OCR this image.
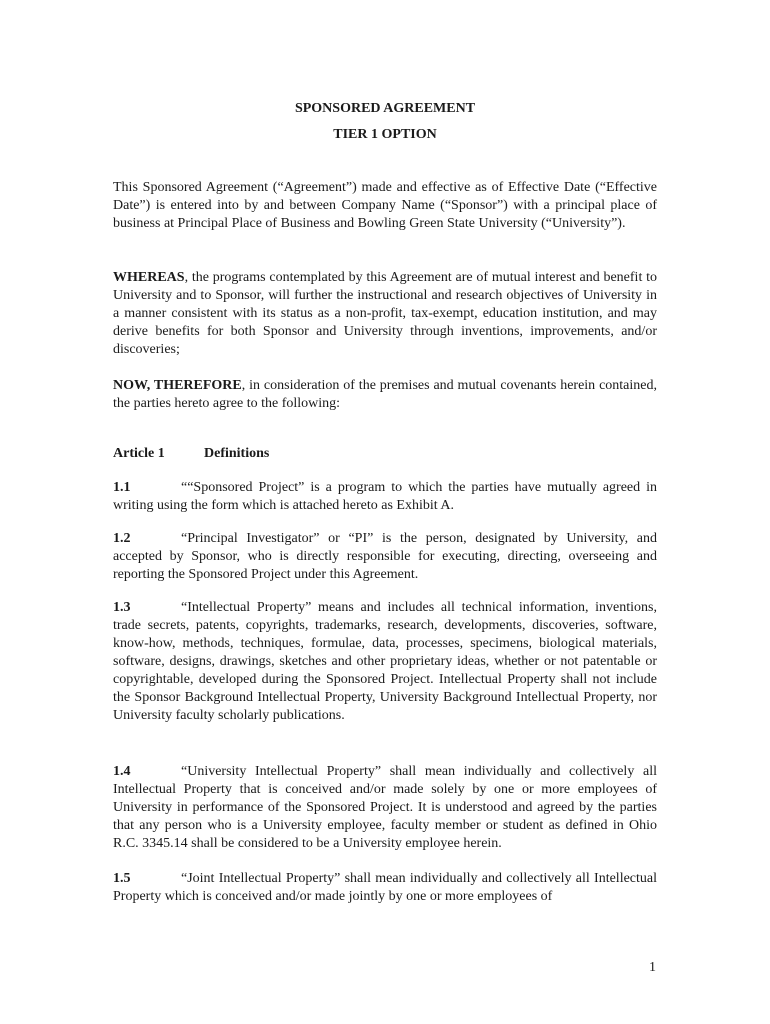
SPONSORED AGREEMENT
TIER 1 OPTION

This Sponsored Agreement (“Agreement”) made and effective as of Effective Date (“Effective Date”) is entered into by and between Company Name (“Sponsor”) with a principal place of business at Principal Place of Business and Bowling Green State University (“University”).

WHEREAS, the programs contemplated by this Agreement are of mutual interest and benefit to University and to Sponsor, will further the instructional and research objectives of University in a manner consistent with its status as a non-profit, tax-exempt, education institution, and may derive benefits for both Sponsor and University through inventions, improvements, and/or discoveries;

NOW, THEREFORE, in consideration of the premises and mutual covenants herein contained, the parties hereto agree to the following:

Article 1	Definitions

1.1	““Sponsored Project” is a program to which the parties have mutually agreed in writing using the form which is attached hereto as Exhibit A.

1.2	“Principal Investigator” or “PI” is the person, designated by University, and accepted by Sponsor, who is directly responsible for executing, directing, overseeing and reporting the Sponsored Project under this Agreement.

1.3	“Intellectual Property” means and includes all technical information, inventions, trade secrets, patents, copyrights, trademarks, research, developments, discoveries, software, know-how, methods, techniques, formulae, data, processes, specimens, biological materials, software, designs, drawings, sketches and other proprietary ideas, whether or not patentable or copyrightable, developed during the Sponsored Project. Intellectual Property shall not include the Sponsor Background Intellectual Property, University Background Intellectual Property, nor University faculty scholarly publications.

1.4	“University Intellectual Property” shall mean individually and collectively all Intellectual Property that is conceived and/or made solely by one or more employees of University in performance of the Sponsored Project. It is understood and agreed by the parties that any person who is a University employee, faculty member or student as defined in Ohio R.C. 3345.14 shall be considered to be a University employee herein.

1.5	“Joint Intellectual Property” shall mean individually and collectively all Intellectual Property which is conceived and/or made jointly by one or more employees of

1
